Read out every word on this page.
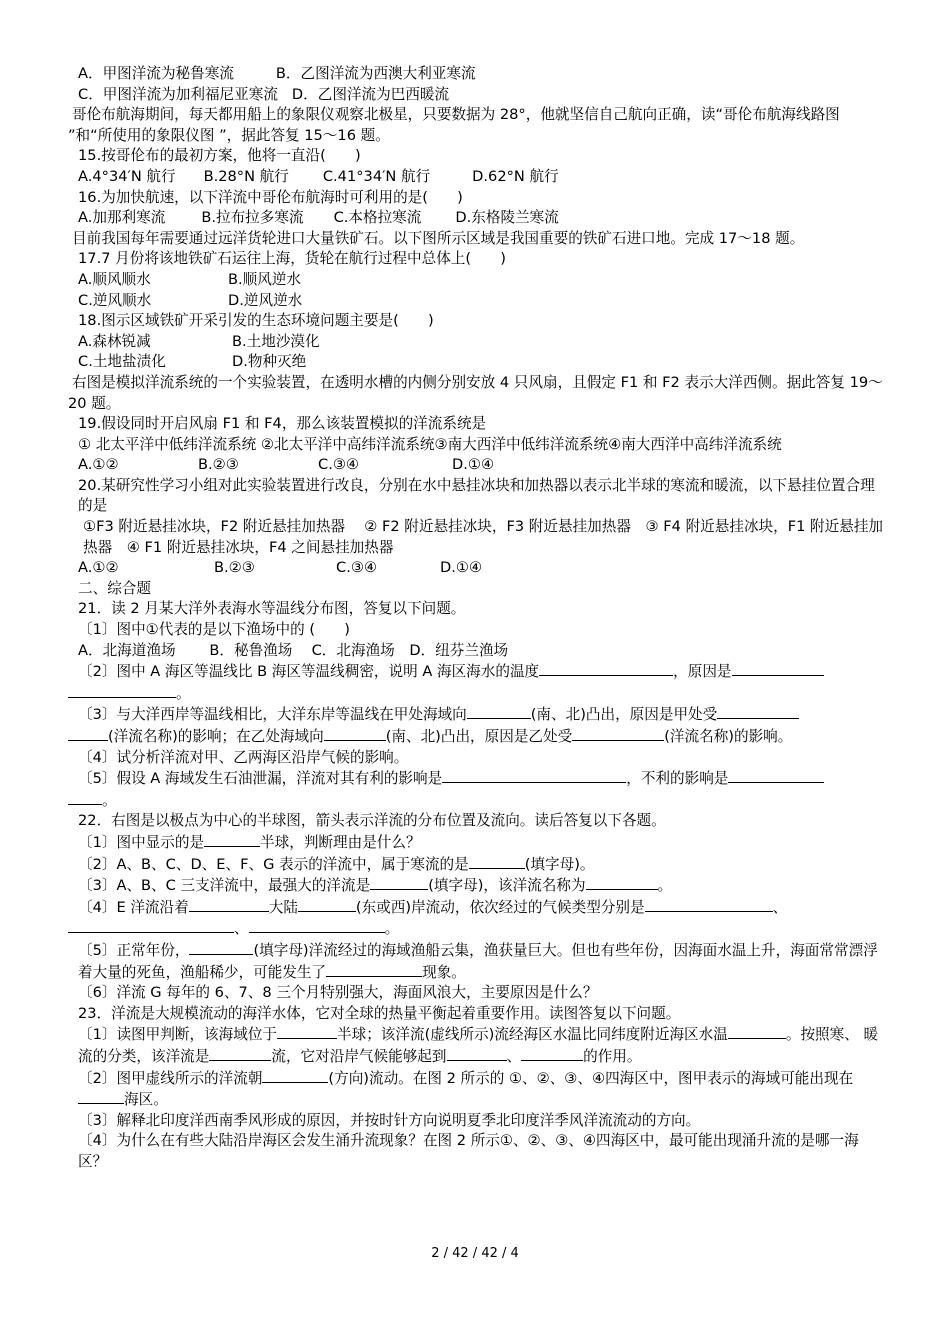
A．甲图洋流为秘鲁寒流	B．乙图洋流为西澳大利亚寒流
C．甲图洋流为加利福尼亚寒流 D．乙图洋流为巴西暖流
哥伦布航海期间，每天都用船上的象限仪观察北极星，只要数据为 28°，他就坚信自己航向正确，读“哥伦布航海线路图 ”和“所使用的象限仪图 ”，据此答复 15～16 题。
15.按哥伦布的最初方案，他将一直沿(　　)
A.4°34′N 航行 B.28°N 航行 C.41°34′N 航行	D.62°N 航行
16.为加快航速，以下洋流中哥伦布航海时可利用的是(　　)
A.加那利寒流 B.拉布拉多寒流 C.本格拉寒流 D.东格陵兰寒流
目前我国每年需要通过远洋货轮进口大量铁矿石。以下图所示区域是我国重要的铁矿石进口地。完成 17～18 题。
17.7 月份将该地铁矿石运往上海，货轮在航行过程中总体上(　　)
A.顺风顺水	B.顺风逆水
C.逆风顺水	D.逆风逆水
18.图示区域铁矿开采引发的生态环境问题主要是(　　)
A.森林锐减	B.土地沙漠化
C.土地盐渍化	D.物种灭绝
右图是模拟洋流系统的一个实验装置，在透明水槽的内侧分别安放 4 只风扇，且假定 F1 和 F2 表示大洋西侧。据此答复 19～20 题。
19.假设同时开启风扇 F1 和 F4，那么该装置模拟的洋流系统是
① 北太平洋中低纬洋流系统 ②北太平洋中高纬洋流系统③南大西洋中低纬洋流系统④南大西洋中高纬洋流系统
A.①②	B.②③	C.③④	D.①④
20.某研究性学习小组对此实验装置进行改良，分别在水中悬挂冰块和加热器以表示北半球的寒流和暖流，以下悬挂位置合理的是
①F3 附近悬挂冰块，F2 附近悬挂加热器　 ② F2 附近悬挂冰块，F3 附近悬挂加热器　③ F4 附近悬挂冰块，F1 附近悬挂加热器　④ F1 附近悬挂冰块，F4 之间悬挂加热器
A.①②	B.②③	C.③④	D.①④
二、综合题
21．读 2 月某大洋外表海水等温线分布图，答复以下问题。
〔1〕图中①代表的是以下渔场中的 (　　)
A．北海道渔场　　 B．秘鲁渔场　 C．北海渔场　D．纽芬兰渔场
〔2〕图中 A 海区等温线比 B 海区等温线稠密，说明 A 海区海水的温度	，原因是
。
〔3〕与大洋西岸等温线相比，大洋东岸等温线在甲处海域向	(南、北)凸出，原因是甲处受
(洋流名称)的影响；在乙处海域向	(南、北)凸出，原因是乙处受	(洋流名称)的影响。
〔4〕试分析洋流对甲、乙两海区沿岸气候的影响。
〔5〕假设 A 海域发生石油泄漏，洋流对其有利的影响是	，不利的影响是
。
22．右图是以极点为中心的半球图，箭头表示洋流的分布位置及流向。读后答复以下各题。
〔1〕图中显示的是	半球，判断理由是什么？
〔2〕A、B、C、D、E、F、G 表示的洋流中，属于寒流的是	(填字母)。
〔3〕A、B、C 三支洋流中，最强大的洋流是	(填字母)，该洋流名称为	。
〔4〕E 洋流沿着	大陆	(东或西)岸流动，依次经过的气候类型分别是	、
、	。
〔5〕正常年份，	(填字母)洋流经过的海域渔船云集，渔获量巨大。但也有些年份，因海面水温上升，海面常常漂浮着大量的死鱼，渔船稀少，可能发生了	现象。
〔6〕洋流 G 每年的 6、7、8 三个月特别强大，海面风浪大，主要原因是什么？
23．洋流是大规模流动的海洋水体，它对全球的热量平衡起着重要作用。读图答复以下问题。
〔1〕读图甲判断，该海域位于	半球；该洋流(虚线所示)流经海区水温比同纬度附近海区水温	。按照寒、 暖流的分类，该洋流是	流，它对沿岸气候能够起到	、	的作用。
〔2〕图甲虚线所示的洋流朝	(方向)流动。在图 2 所示的 ①、②、③、④四海区中，图甲表示的海域可能出现在海区。
〔3〕解释北印度洋西南季风形成的原因，并按时针方向说明夏季北印度洋季风洋流流动的方向。
〔4〕为什么在有些大陆沿岸海区会发生涌升流现象？在图 2 所示①、②、③、④四海区中，最可能出现涌升流的是哪一海区？
2 / 42 / 42 / 4
